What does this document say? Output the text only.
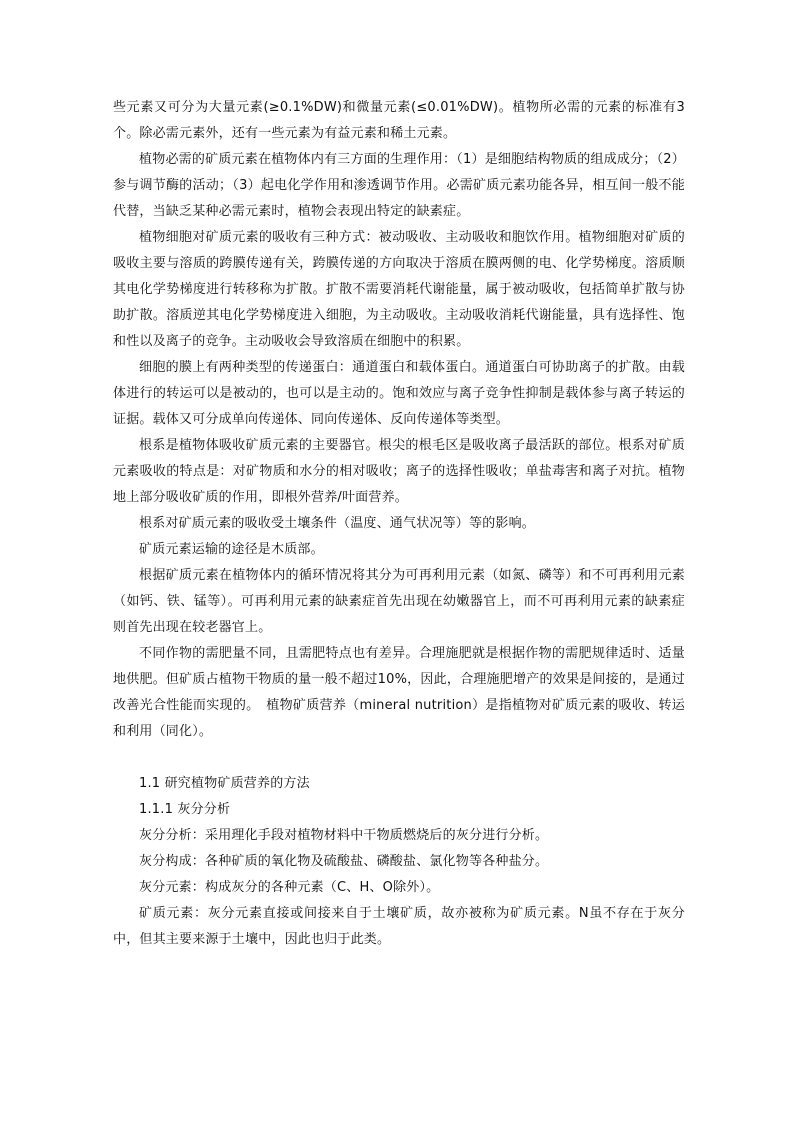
些元素又可分为大量元素(≥0.1%DW)和微量元素(≤0.01%DW)。植物所必需的元素的标准有3个。除必需元素外，还有一些元素为有益元素和稀土元素。

植物必需的矿质元素在植物体内有三方面的生理作用：（1）是细胞结构物质的组成成分；（2）参与调节酶的活动；（3）起电化学作用和渗透调节作用。必需矿质元素功能各异，相互间一般不能代替，当缺乏某种必需元素时，植物会表现出特定的缺素症。

植物细胞对矿质元素的吸收有三种方式：被动吸收、主动吸收和胞饮作用。植物细胞对矿质的吸收主要与溶质的跨膜传递有关，跨膜传递的方向取决于溶质在膜两侧的电、化学势梯度。溶质顺其电化学势梯度进行转移称为扩散。扩散不需要消耗代谢能量，属于被动吸收，包括简单扩散与协助扩散。溶质逆其电化学势梯度进入细胞，为主动吸收。主动吸收消耗代谢能量，具有选择性、饱和性以及离子的竞争。主动吸收会导致溶质在细胞中的积累。

细胞的膜上有两种类型的传递蛋白：通道蛋白和载体蛋白。通道蛋白可协助离子的扩散。由载体进行的转运可以是被动的，也可以是主动的。饱和效应与离子竞争性抑制是载体参与离子转运的证据。载体又可分成单向传递体、同向传递体、反向传递体等类型。

根系是植物体吸收矿质元素的主要器官。根尖的根毛区是吸收离子最活跃的部位。根系对矿质元素吸收的特点是：对矿物质和水分的相对吸收；离子的选择性吸收；单盐毒害和离子对抗。植物地上部分吸收矿质的作用，即根外营养/叶面营养。

根系对矿质元素的吸收受土壤条件（温度、通气状况等）等的影响。

矿质元素运输的途径是木质部。

根据矿质元素在植物体内的循环情况将其分为可再利用元素（如氮、磷等）和不可再利用元素（如钙、铁、锰等）。可再利用元素的缺素症首先出现在幼嫩器官上，而不可再利用元素的缺素症则首先出现在较老器官上。

不同作物的需肥量不同，且需肥特点也有差异。合理施肥就是根据作物的需肥规律适时、适量地供肥。但矿质占植物干物质的量一般不超过10%，因此，合理施肥增产的效果是间接的，是通过改善光合性能而实现的。　植物矿质营养（mineral nutrition）是指植物对矿质元素的吸收、转运和利用（同化）。

1.1 研究植物矿质营养的方法

1.1.1 灰分分析

灰分分析：采用理化手段对植物材料中干物质燃烧后的灰分进行分析。

灰分构成：各种矿质的氧化物及硫酸盐、磷酸盐、氯化物等各种盐分。

灰分元素：构成灰分的各种元素（C、H、O除外）。

矿质元素：灰分元素直接或间接来自于土壤矿质，故亦被称为矿质元素。N虽不存在于灰分中，但其主要来源于土壤中，因此也归于此类。
